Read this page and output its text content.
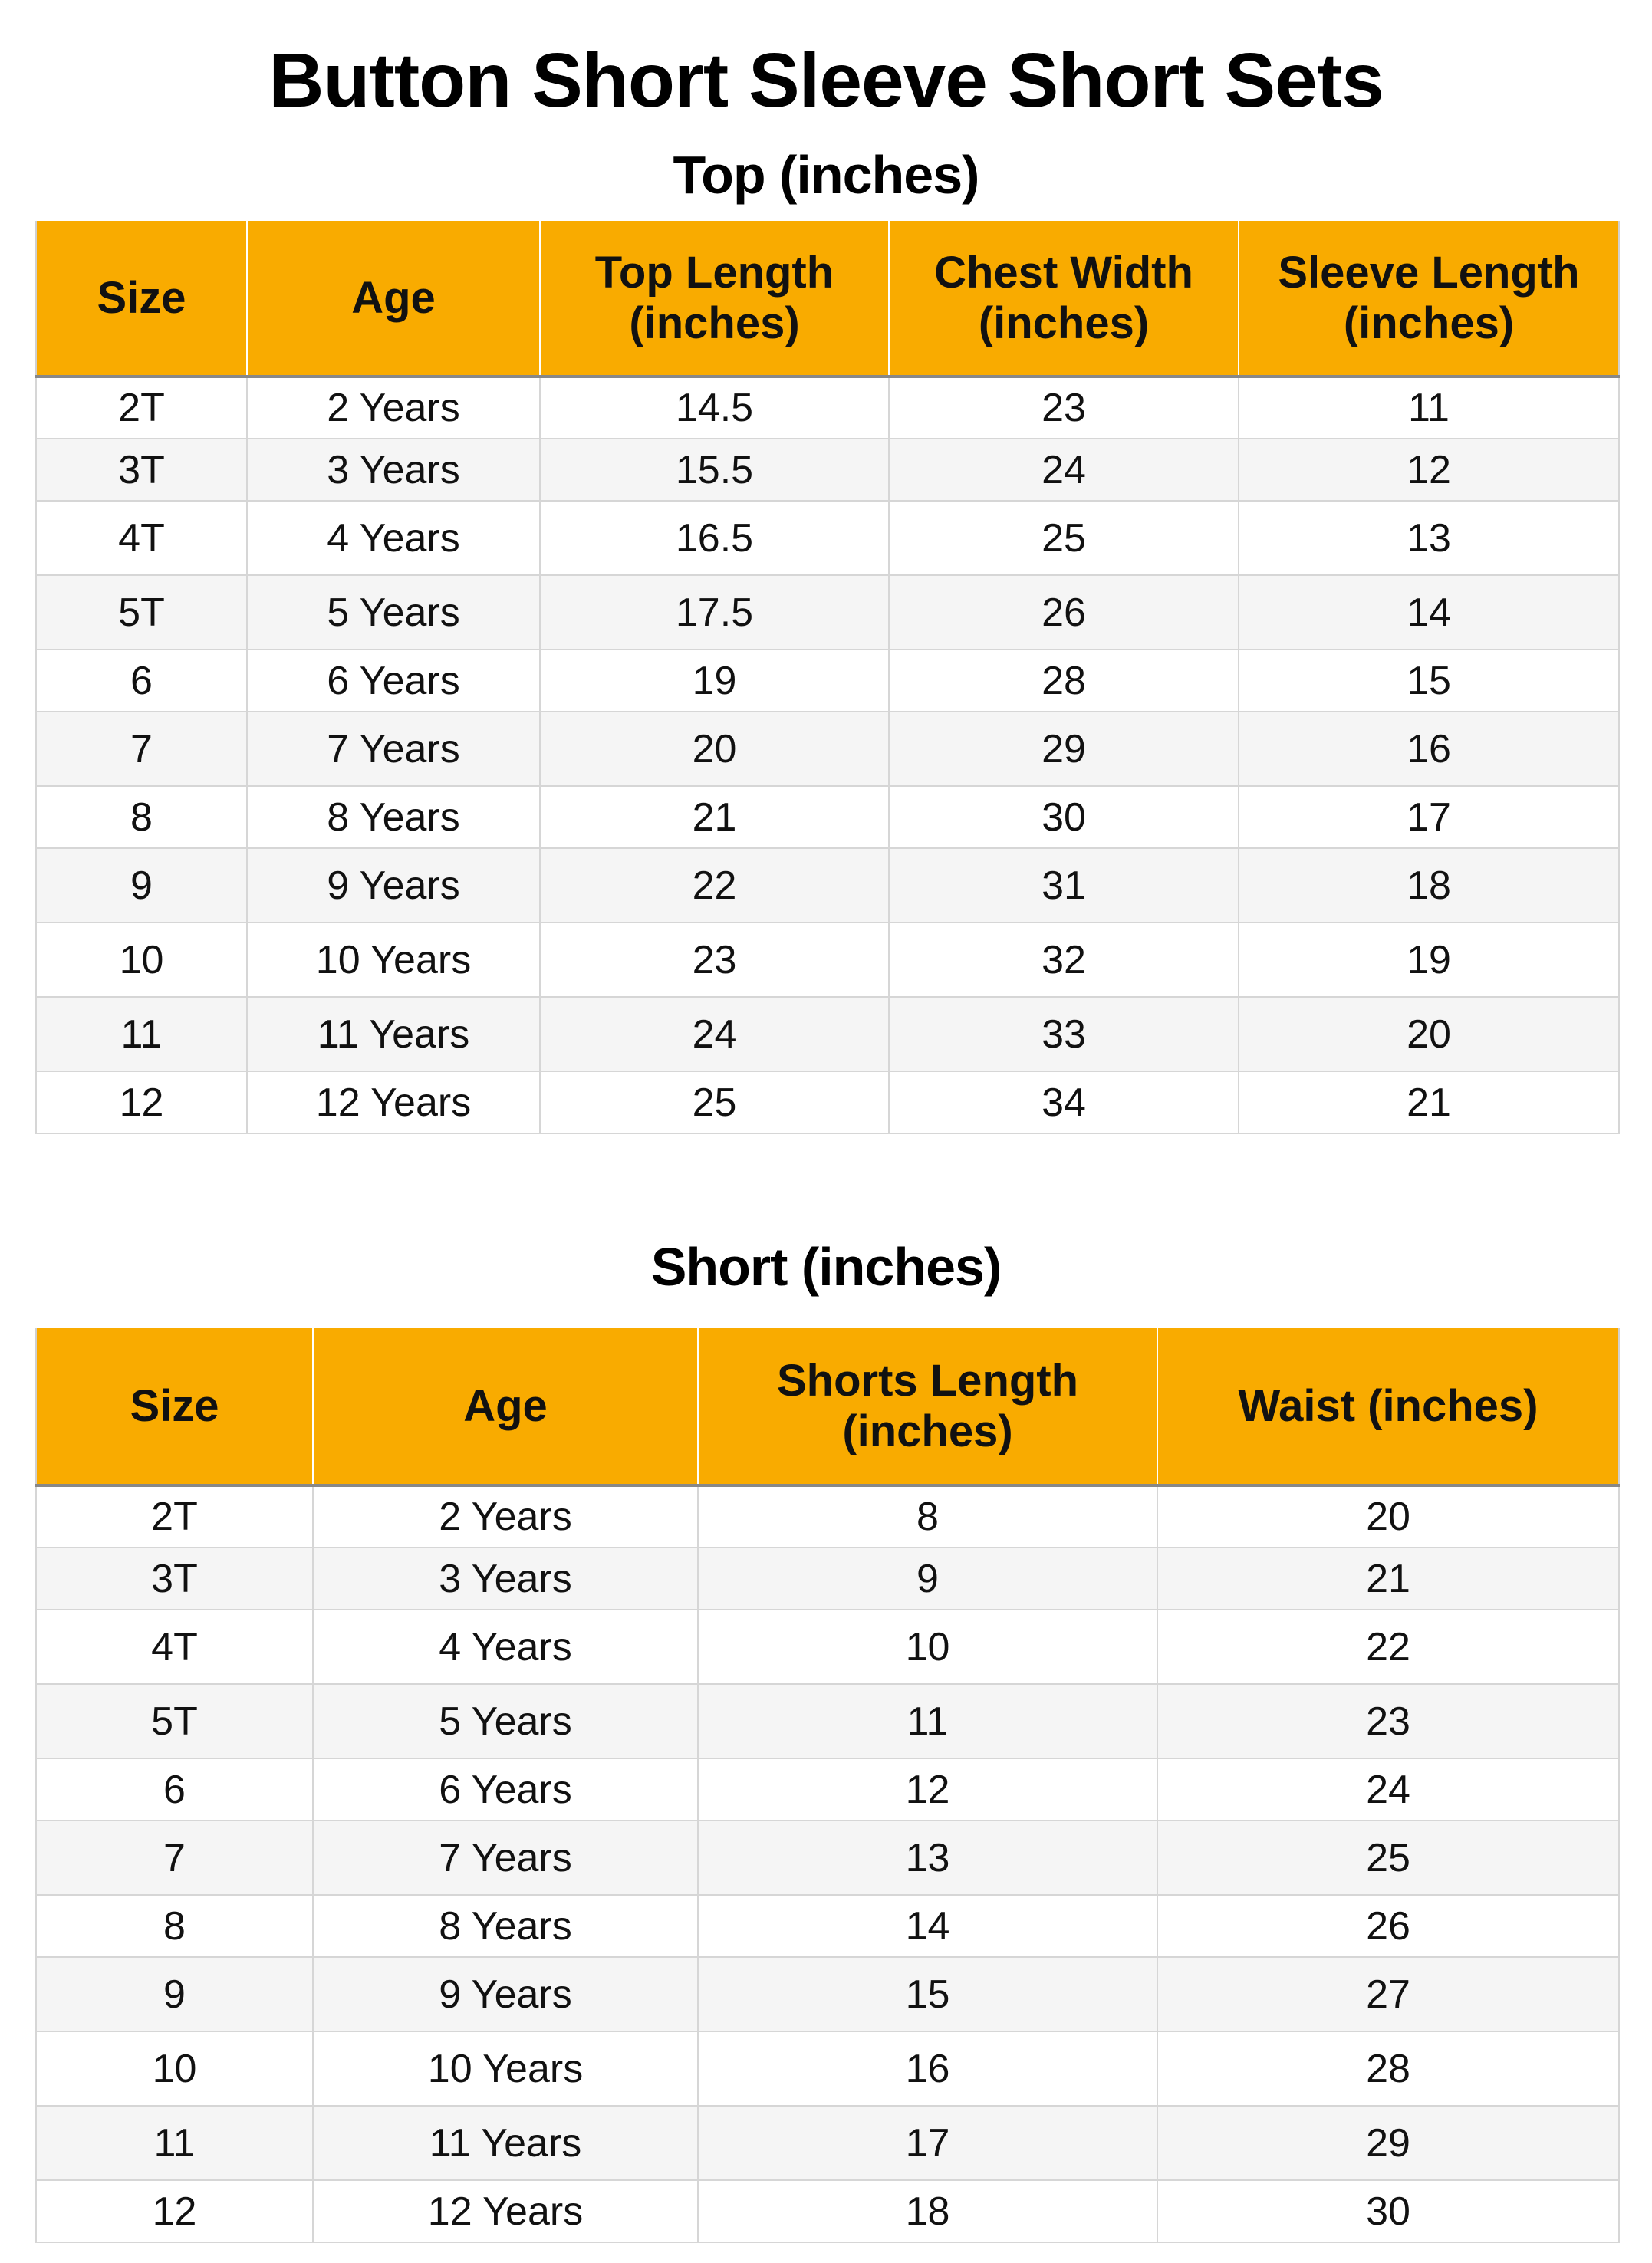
Button Short Sleeve Short Sets
Top (inches)
Size	Age	Top Length (inches)	Chest Width (inches)	Sleeve Length (inches)
2T	2 Years	14.5	23	11
3T	3 Years	15.5	24	12
4T	4 Years	16.5	25	13
5T	5 Years	17.5	26	14
6	6 Years	19	28	15
7	7 Years	20	29	16
8	8 Years	21	30	17
9	9 Years	22	31	18
10	10 Years	23	32	19
11	11 Years	24	33	20
12	12 Years	25	34	21
Short (inches)
Size	Age	Shorts Length (inches)	Waist (inches)
2T	2 Years	8	20
3T	3 Years	9	21
4T	4 Years	10	22
5T	5 Years	11	23
6	6 Years	12	24
7	7 Years	13	25
8	8 Years	14	26
9	9 Years	15	27
10	10 Years	16	28
11	11 Years	17	29
12	12 Years	18	30
